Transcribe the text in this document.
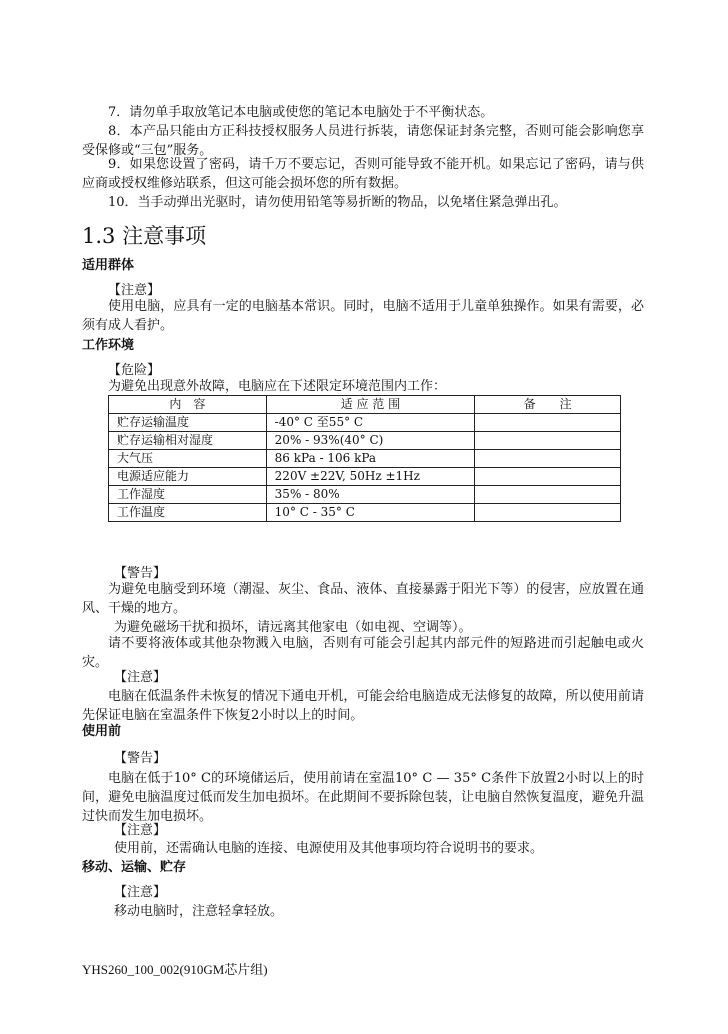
7．请勿单手取放笔记本电脑或使您的笔记本电脑处于不平衡状态。

8．本产品只能由方正科技授权服务人员进行拆装，请您保证封条完整，否则可能会影响您享受保修或“三包”服务。

9．如果您设置了密码，请千万不要忘记，否则可能导致不能开机。如果忘记了密码，请与供应商或授权维修站联系，但这可能会损坏您的所有数据。

10．当手动弹出光驱时，请勿使用铅笔等易折断的物品，以免堵住紧急弹出孔。

1.3 注意事项
适用群体

【注意】

使用电脑，应具有一定的电脑基本常识。同时，电脑不适用于儿童单独操作。如果有需要，必须有成人看护。

工作环境

【危险】

为避免出现意外故障，电脑应在下述限定环境范围内工作：

内　容	适 应 范 围	备　　注
贮存运输温度	-40° C 至55° C	
贮存运输相对湿度	20% - 93%(40° C)	
大气压	86 kPa - 106 kPa	
电源适应能力	220V ±22V, 50Hz ±1Hz	
工作湿度	35% - 80%	
工作温度	10° C - 35° C	

【警告】

为避免电脑受到环境（潮湿、灰尘、食品、液体、直接暴露于阳光下等）的侵害，应放置在通风、干燥的地方。

为避免磁场干扰和损坏，请远离其他家电（如电视、空调等）。

请不要将液体或其他杂物溅入电脑，否则有可能会引起其内部元件的短路进而引起触电或火灾。

【注意】

电脑在低温条件未恢复的情况下通电开机，可能会给电脑造成无法修复的故障，所以使用前请先保证电脑在室温条件下恢复2小时以上的时间。

使用前

【警告】

电脑在低于10° C的环境储运后，使用前请在室温10° C — 35° C条件下放置2小时以上的时间，避免电脑温度过低而发生加电损坏。在此期间不要拆除包装，让电脑自然恢复温度，避免升温过快而发生加电损坏。

【注意】

使用前，还需确认电脑的连接、电源使用及其他事项均符合说明书的要求。

移动、运输、贮存

【注意】

移动电脑时，注意轻拿轻放。

YHS260_100_002(910GM芯片组)
